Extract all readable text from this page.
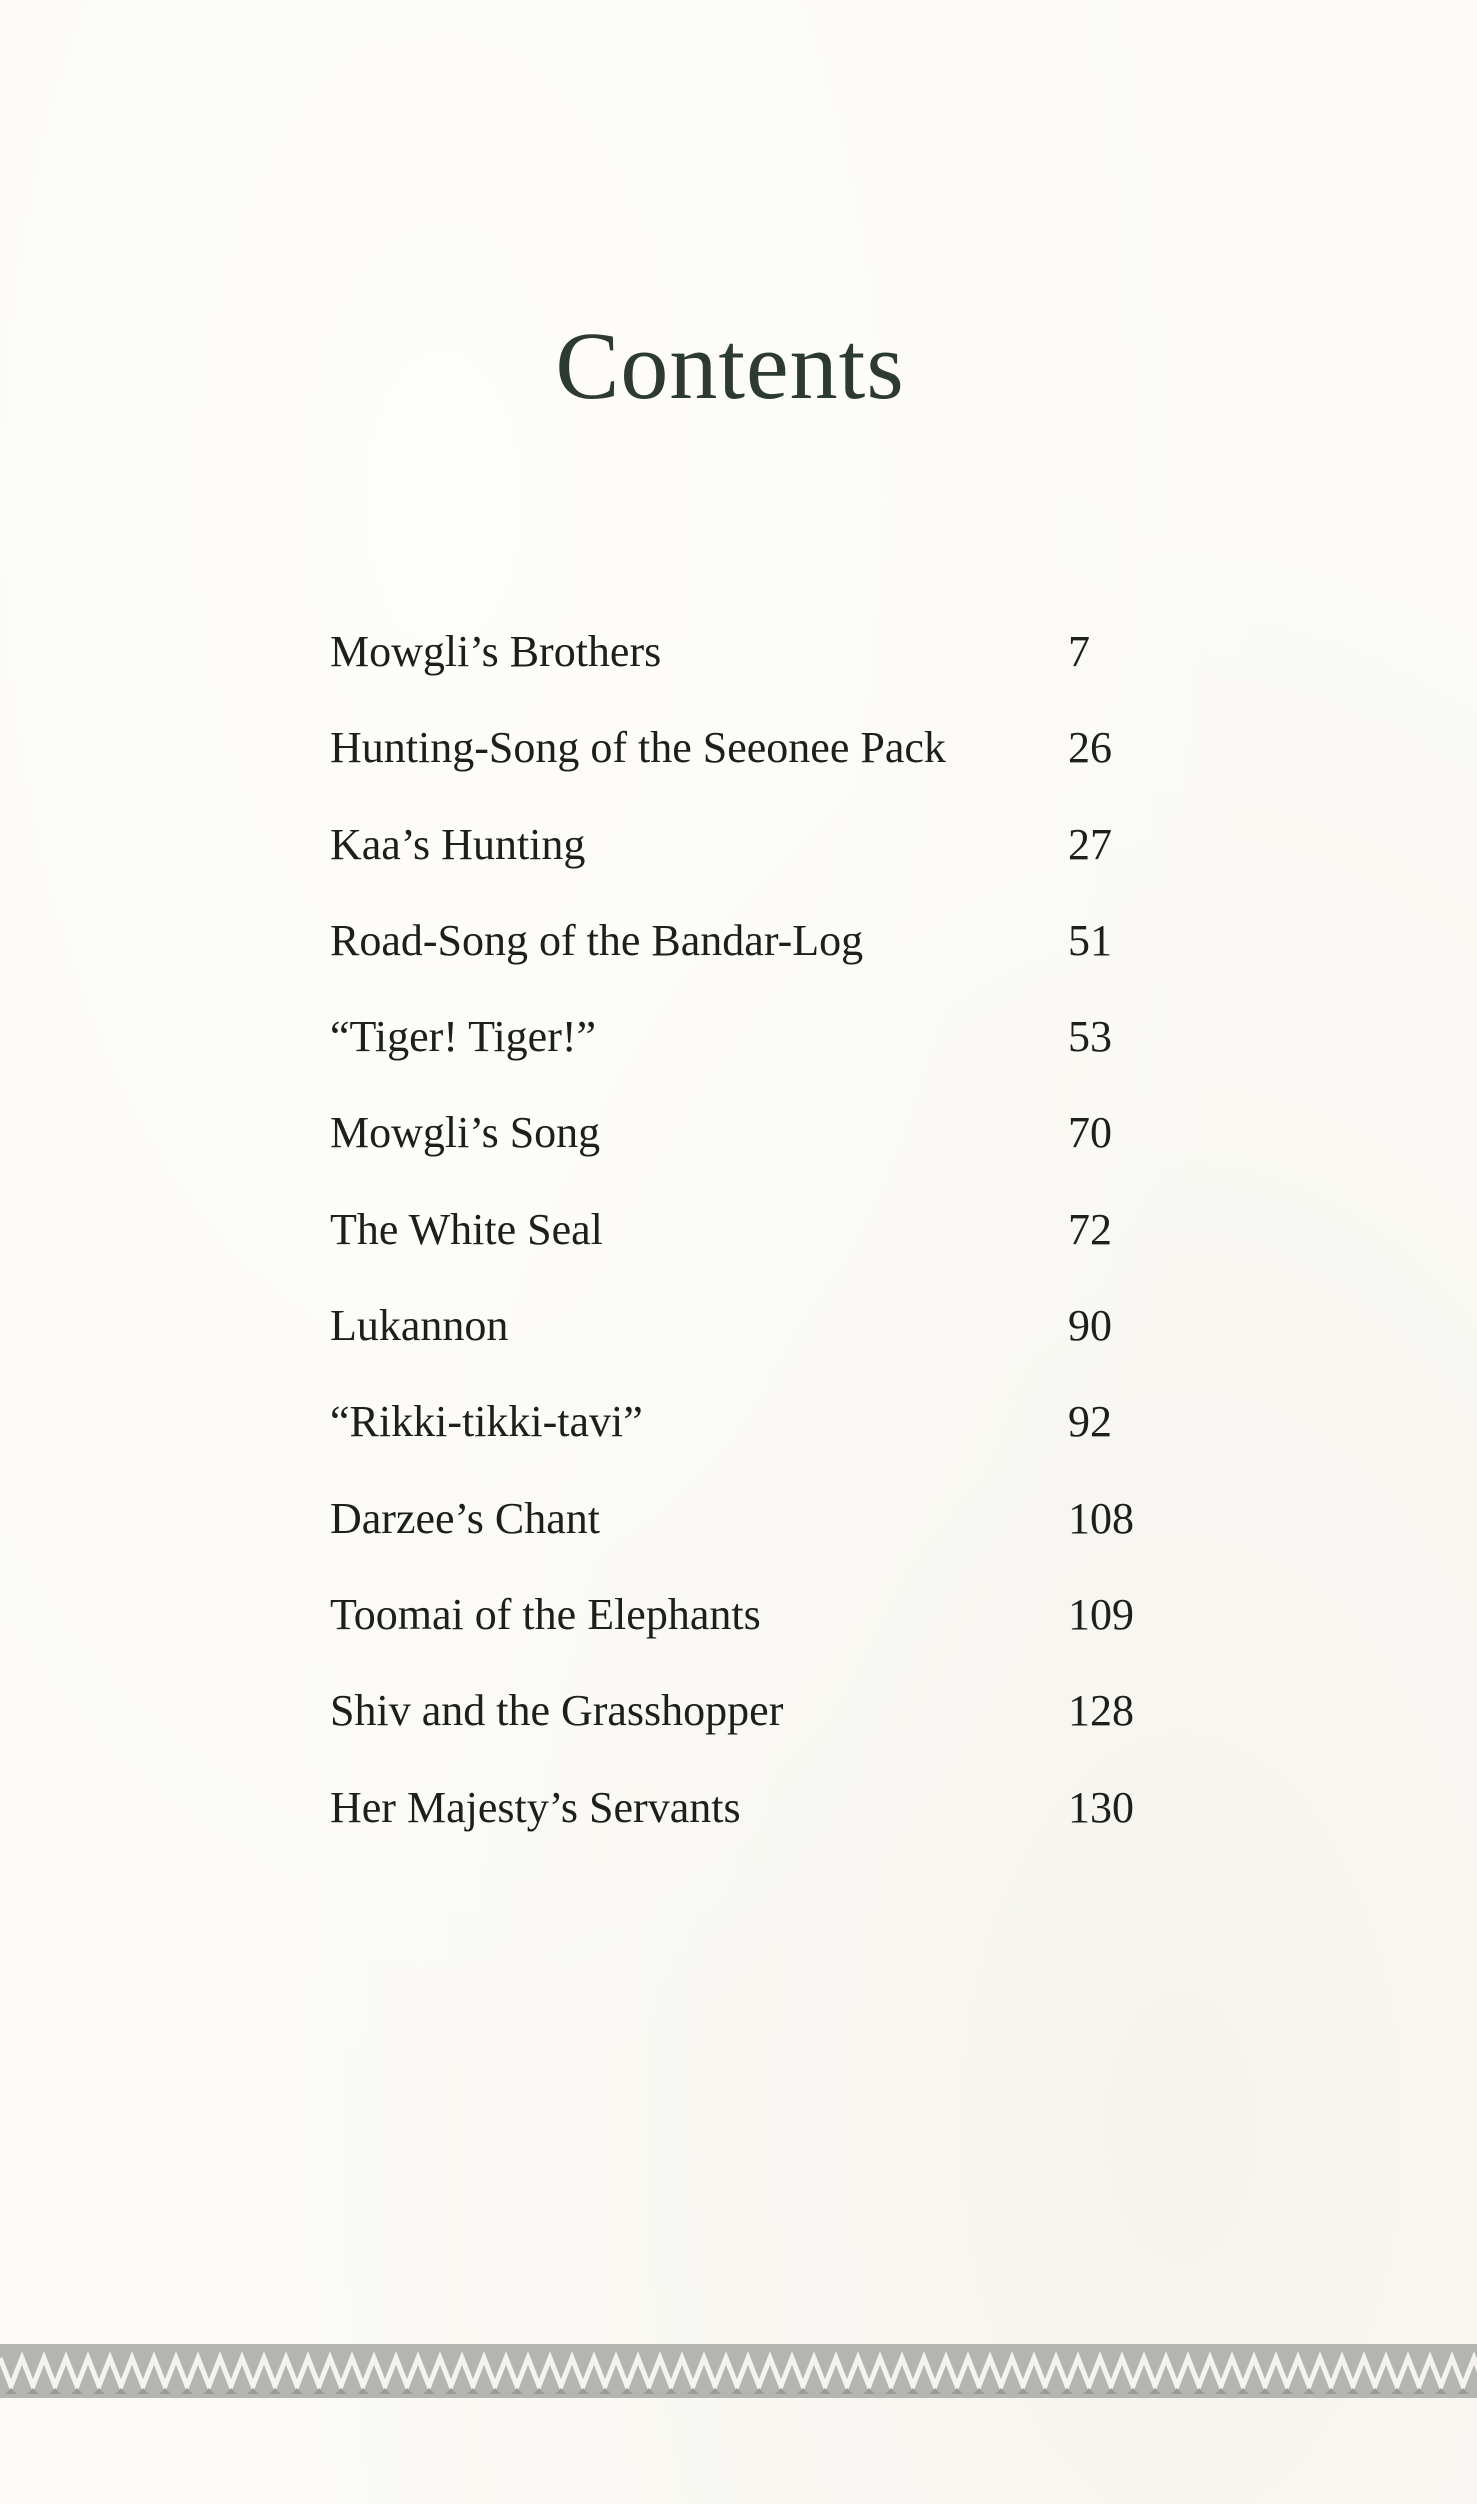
Contents
Mowgli’s Brothers	7
Hunting-Song of the Seeonee Pack	26
Kaa’s Hunting	27
Road-Song of the Bandar-Log	51
“Tiger! Tiger!”	53
Mowgli’s Song	70
The White Seal	72
Lukannon	90
“Rikki-tikki-tavi”	92
Darzee’s Chant	108
Toomai of the Elephants	109
Shiv and the Grasshopper	128
Her Majesty’s Servants	130
